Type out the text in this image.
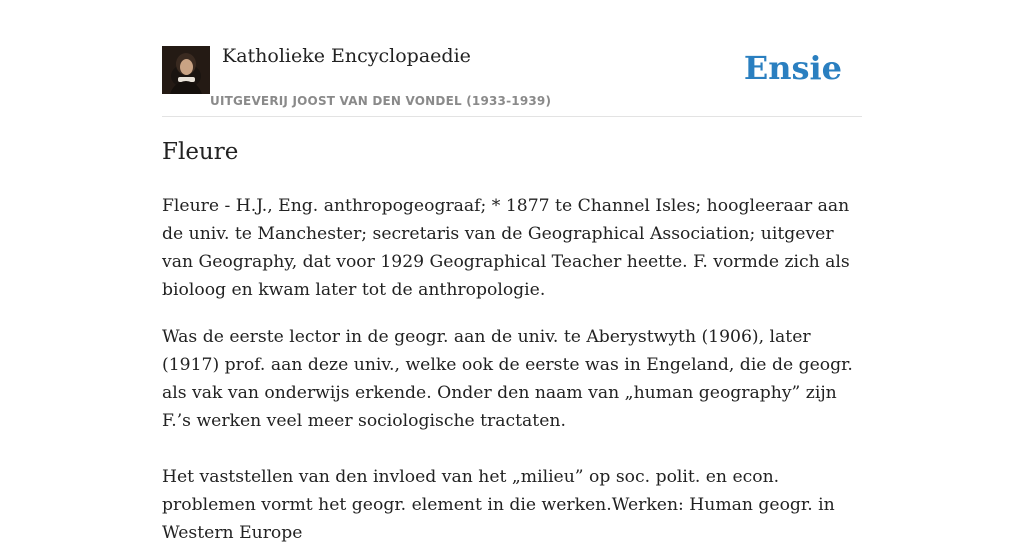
Katholieke Encyclopaedie
UITGEVERIJ JOOST VAN DEN VONDEL (1933-1939)
Ensie
Fleure

Fleure - H.J., Eng. anthropogeograaf; * 1877 te Channel Isles; hoogleeraar aan de univ. te Manchester; secretaris van de Geographical Association; uitgever van Geography, dat voor 1929 Geographical Teacher heette. F. vormde zich als bioloog en kwam later tot de anthropologie.

Was de eerste lector in de geogr. aan de univ. te Aberystwyth (1906), later (1917) prof. aan deze univ., welke ook de eerste was in Engeland, die de geogr. als vak van onderwijs erkende. Onder den naam van „human geography” zijn F.’s werken veel meer sociologische tractaten.

Het vaststellen van den invloed van het „milieu” op soc. polit. en econ. problemen vormt het geogr. element in die werken.Werken: Human geogr. in Western Europe
